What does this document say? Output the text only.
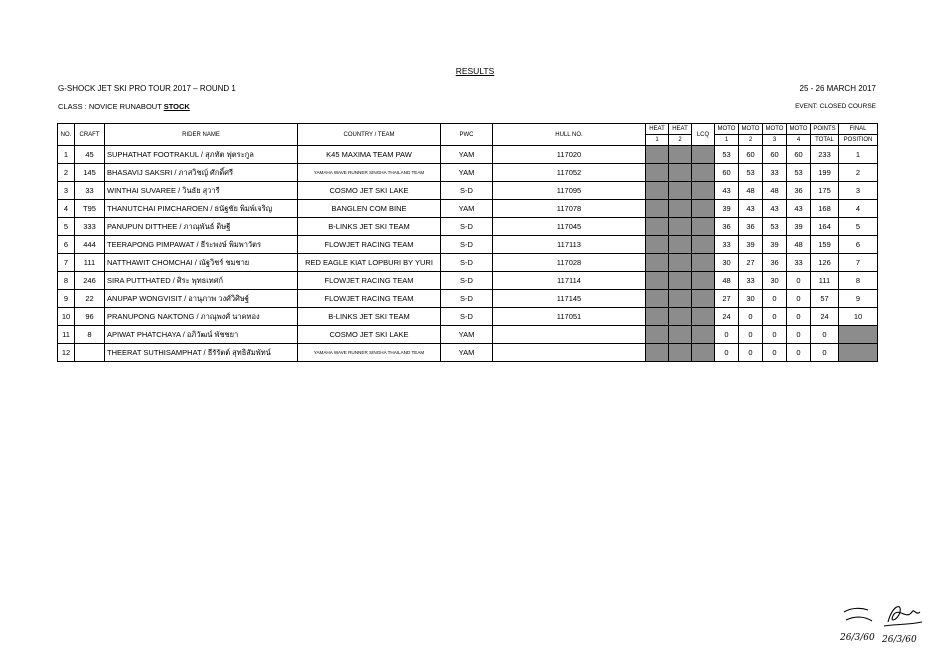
RESULTS
G-SHOCK JET SKI PRO TOUR 2017 – ROUND 1	25 - 26 MARCH 2017
CLASS : NOVICE RUNABOUT STOCK	EVENT: CLOSED COURSE
NO.	CRAFT	RIDER NAME	COUNTRY / TEAM	PWC	HULL NO.	HEAT	HEAT	LCQ	MOTO	MOTO	MOTO	MOTO	POINTS	FINAL
						1	2		1	2	3	4	TOTAL	POSITION
1	45	SUPHATHAT FOOTRAKUL / สุภทัต ฟุตระกูล	K45 MAXIMA TEAM PAW	YAM	117020				53	60	60	60	233	1
2	145	BHASAVIJ SAKSRI / ภาสวิชญ์ ศักดิ์ศรี	YAMAHA WAVE RUNNER SINGHA THAILAND TEAM	YAM	117052				60	53	33	53	199	2
3	33	WINTHAI SUVAREE / วินธัย สุวารี	COSMO JET SKI LAKE	S-D	117095				43	48	48	36	175	3
4	T95	THANUTCHAI PIMCHAROEN / ธนัฐชัย พิมพ์เจริญ	BANGLEN COM BINE	YAM	117078				39	43	43	43	168	4
5	333	PANUPUN DITTHEE / ภาณุพันธ์ ดิษฐี	B-LINKS JET SKI TEAM	S-D	117045				36	36	53	39	164	5
6	444	TEERAPONG PIMPAWAT / ธีระพงษ์ พิมพาวัตร	FLOWJET RACING TEAM	S-D	117113				33	39	39	48	159	6
7	111	NATTHAWIT CHOMCHAI / ณัฐวิชร์ ชมชาย	RED EAGLE KIAT LOPBURI BY YURI	S-D	117028				30	27	36	33	126	7
8	246	SIRA PUTTHATED / ศิระ พุทธเทศก์	FLOWJET RACING TEAM	S-D	117114				48	33	30	0	111	8
9	22	ANUPAP WONGVISIT / อานุภาพ วงศ์วิศิษฐ์	FLOWJET RACING TEAM	S-D	117145				27	30	0	0	57	9
10	96	PRANUPONG NAKTONG / ภาณุพงศ์ นาคทอง	B-LINKS JET SKI TEAM	S-D	117051				24	0	0	0	24	10
11	8	APIWAT PHATCHAYA / อภิวัฒน์ พัชชยา	COSMO JET SKI LAKE	YAM					0	0	0	0	0	
12		THEERAT SUTHISAMPHAT / ธีรัรัตต์ สุทธิสัมพัทน์	YAMAHA WAVE RUNNER SINGHA THAILAND TEAM	YAM					0	0	0	0	0	
26/3/60 26/3/60
